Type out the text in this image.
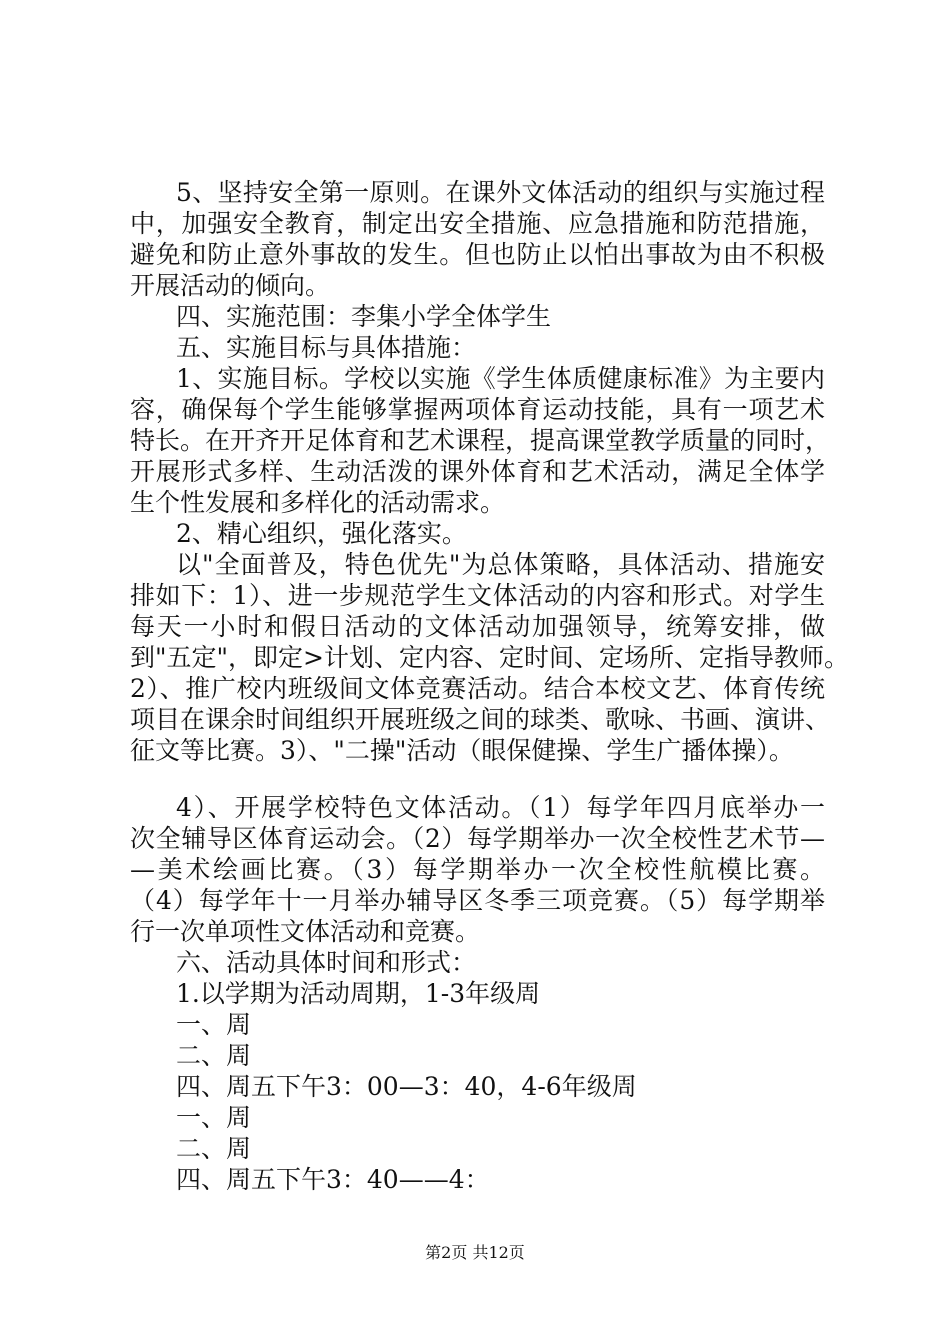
5、坚持安全第一原则。在课外文体活动的组织与实施过程
中，加强安全教育，制定出安全措施、应急措施和防范措施，
避免和防止意外事故的发生。但也防止以怕出事故为由不积极
开展活动的倾向。
四、实施范围：李集小学全体学生
五、实施目标与具体措施：
1、实施目标。学校以实施《学生体质健康标准》为主要内
容，确保每个学生能够掌握两项体育运动技能，具有一项艺术
特长。在开齐开足体育和艺术课程，提高课堂教学质量的同时，
开展形式多样、生动活泼的课外体育和艺术活动，满足全体学
生个性发展和多样化的活动需求。
2、精心组织，强化落实。
以"全面普及，特色优先"为总体策略，具体活动、措施安
排如下：1）、进一步规范学生文体活动的内容和形式。对学生
每天一小时和假日活动的文体活动加强领导，统筹安排，做
到"五定"，即定>计划、定内容、定时间、定场所、定指导教师。
2）、推广校内班级间文体竞赛活动。结合本校文艺、体育传统
项目在课余时间组织开展班级之间的球类、歌咏、书画、演讲、
征文等比赛。3）、"二操"活动（眼保健操、学生广播体操）。
4）、开展学校特色文体活动。（1）每学年四月底举办一
次全辅导区体育运动会。（2）每学期举办一次全校性艺术节—
—美术绘画比赛。（3）每学期举办一次全校性航模比赛。
（4）每学年十一月举办辅导区冬季三项竞赛。（5）每学期举
行一次单项性文体活动和竞赛。
六、活动具体时间和形式：
1.以学期为活动周期，1-3年级周
一、周
二、周
四、周五下午3：00—3：40，4-6年级周
一、周
二、周
四、周五下午3：40——4：
第2页 共12页
